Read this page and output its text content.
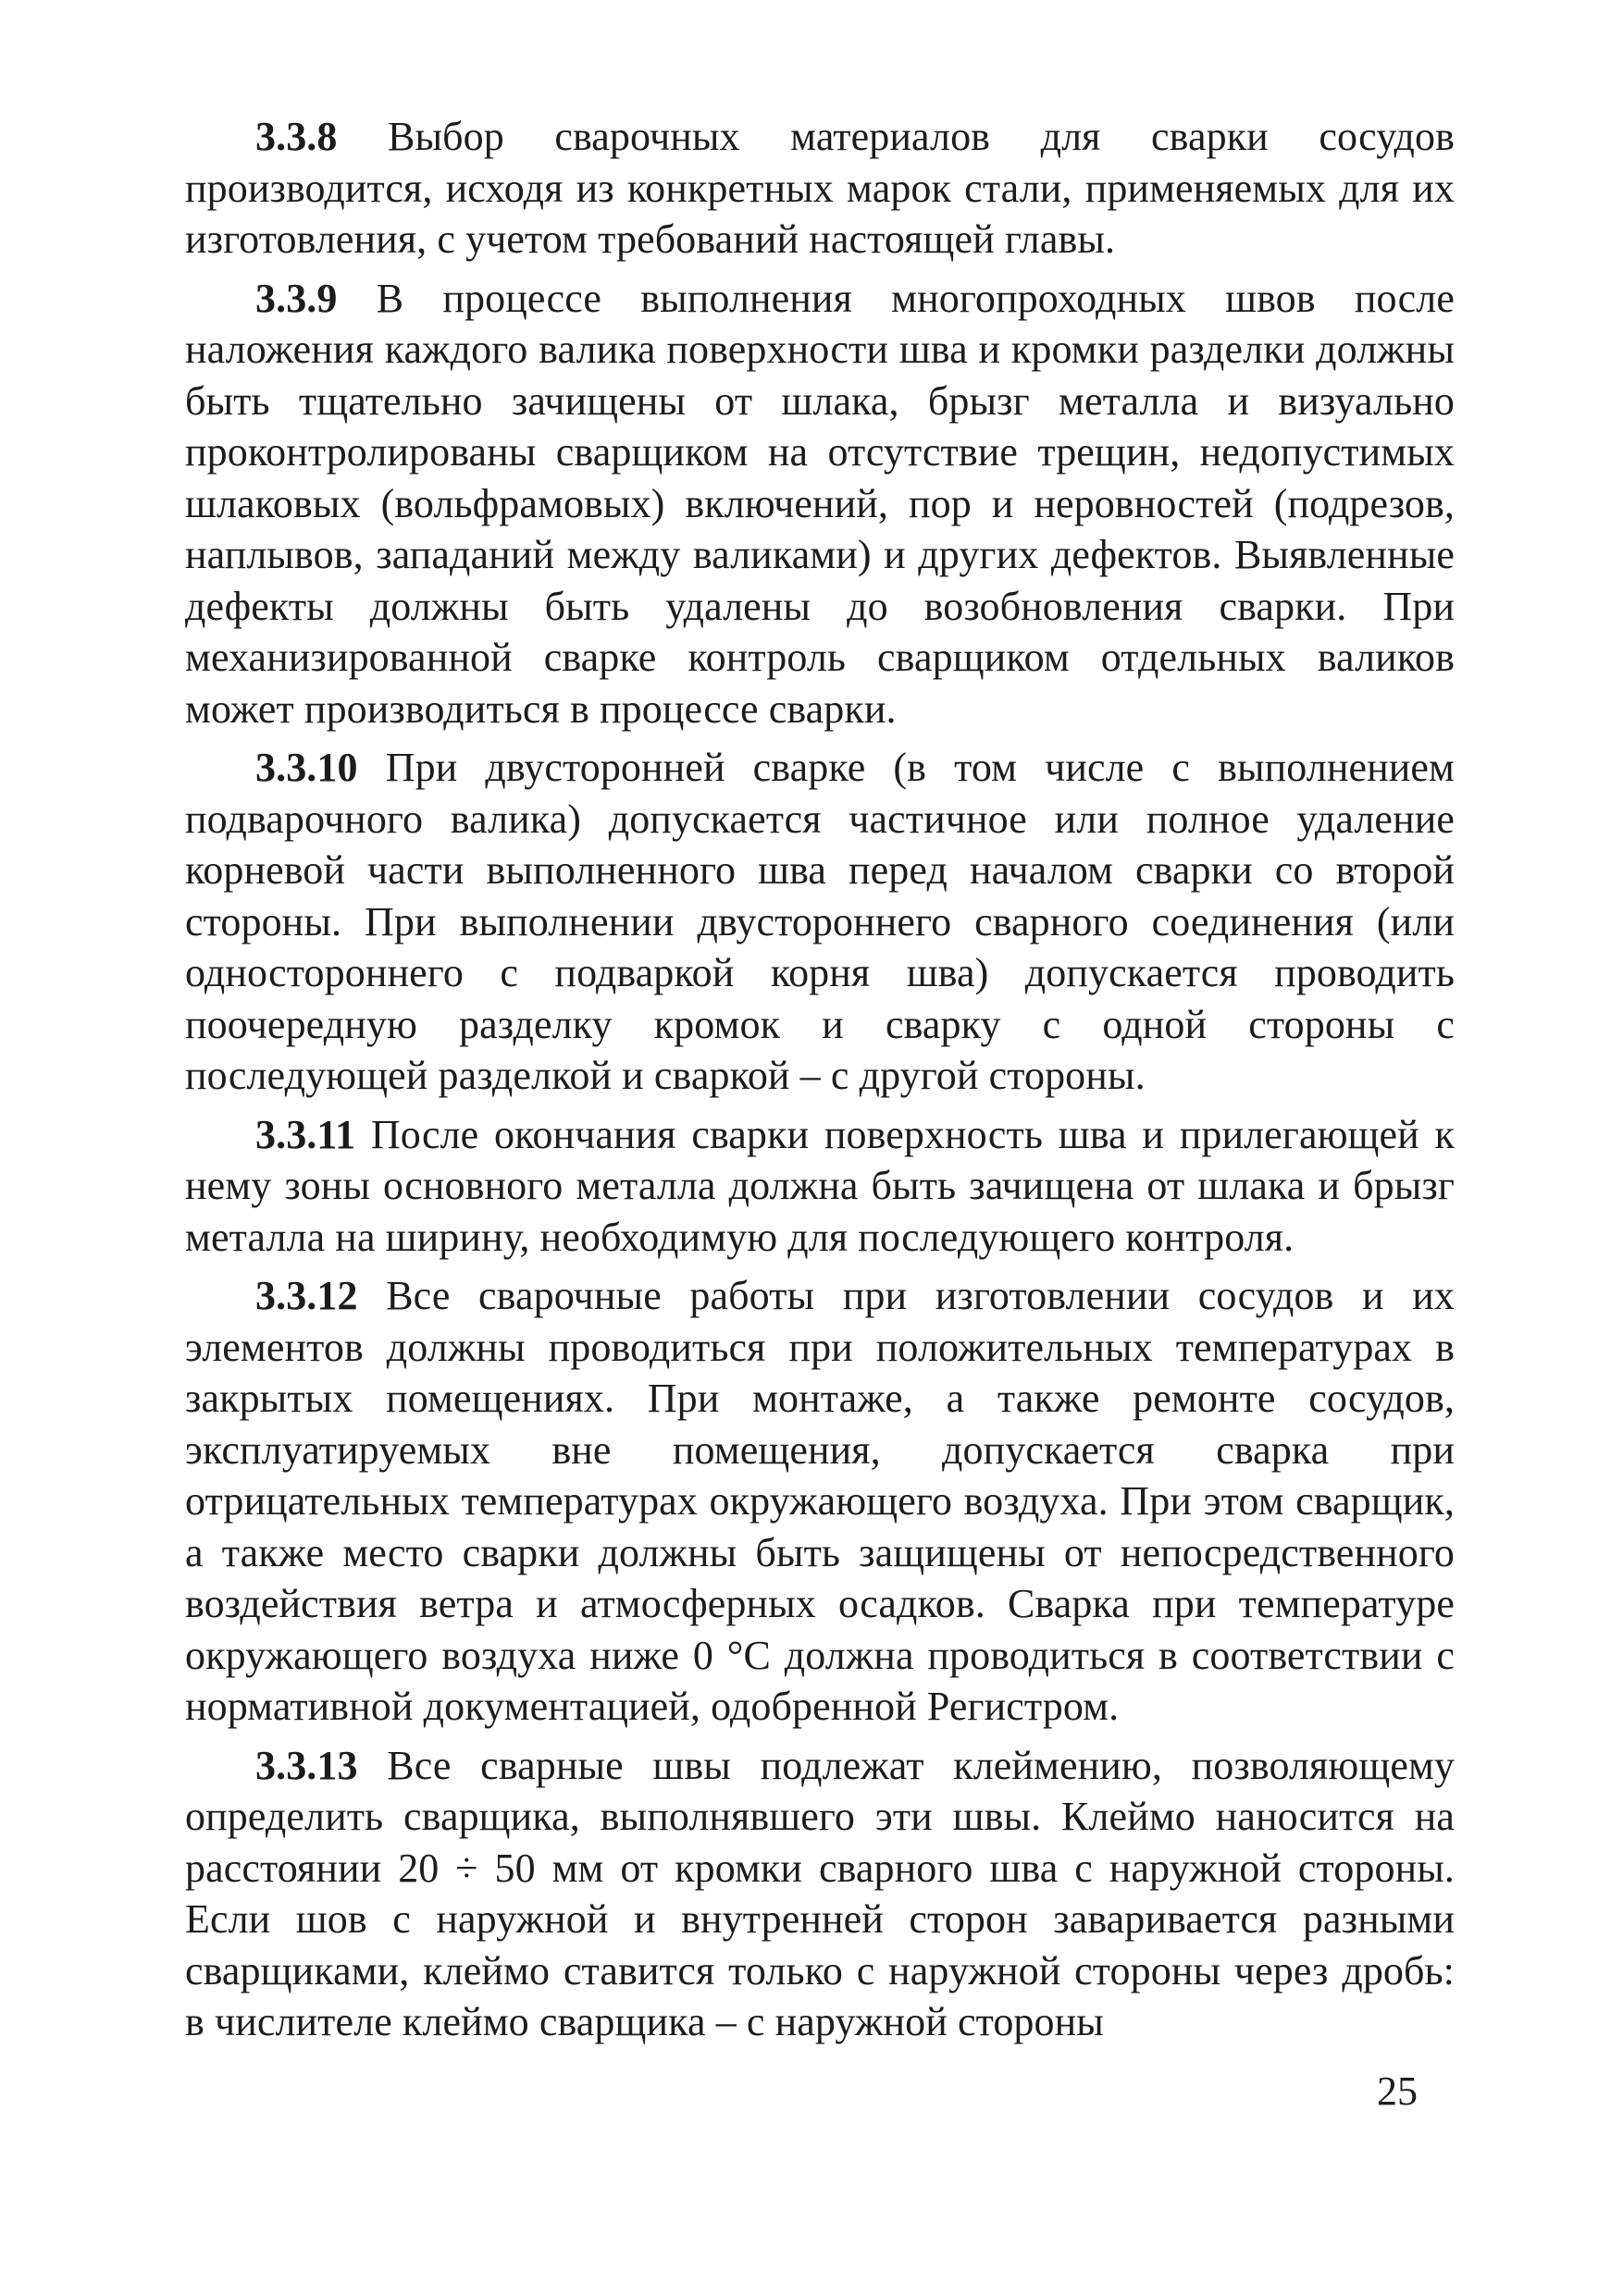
3.3.8 Выбор сварочных материалов для сварки сосудов производится, исходя из конкретных марок стали, применяемых для их изготовления, с учетом требований настоящей главы.

3.3.9 В процессе выполнения многопроходных швов после наложения каждого валика поверхности шва и кромки разделки должны быть тщательно зачищены от шлака, брызг металла и визуально проконтролированы сварщиком на отсутствие трещин, недопустимых шлаковых (вольфрамовых) включений, пор и неровностей (подрезов, наплывов, западаний между валиками) и других дефектов. Выявленные дефекты должны быть удалены до возобновления сварки. При механизированной сварке контроль сварщиком отдельных валиков может производиться в процессе сварки.

3.3.10 При двусторонней сварке (в том числе с выполнением подварочного валика) допускается частичное или полное удаление корневой части выполненного шва перед началом сварки со второй стороны. При выполнении двустороннего сварного соединения (или одностороннего с подваркой корня шва) допускается проводить поочередную разделку кромок и сварку с одной стороны с последующей разделкой и сваркой – с другой стороны.

3.3.11 После окончания сварки поверхность шва и прилегающей к нему зоны основного металла должна быть зачищена от шлака и брызг металла на ширину, необходимую для последующего контроля.

3.3.12 Все сварочные работы при изготовлении сосудов и их элементов должны проводиться при положительных температурах в закрытых помещениях. При монтаже, а также ремонте сосудов, эксплуатируемых вне помещения, допускается сварка при отрицательных температурах окружающего воздуха. При этом сварщик, а также место сварки должны быть защищены от непосредственного воздействия ветра и атмосферных осадков. Сварка при температуре окружающего воздуха ниже 0 °С должна проводиться в соответствии с нормативной документацией, одобренной Регистром.

3.3.13 Все сварные швы подлежат клеймению, позволяющему определить сварщика, выполнявшего эти швы. Клеймо наносится на расстоянии 20 ÷ 50 мм от кромки сварного шва с наружной стороны. Если шов с наружной и внутренней сторон заваривается разными сварщиками, клеймо ставится только с наружной стороны через дробь: в числителе клеймо сварщика – с наружной стороны

25
